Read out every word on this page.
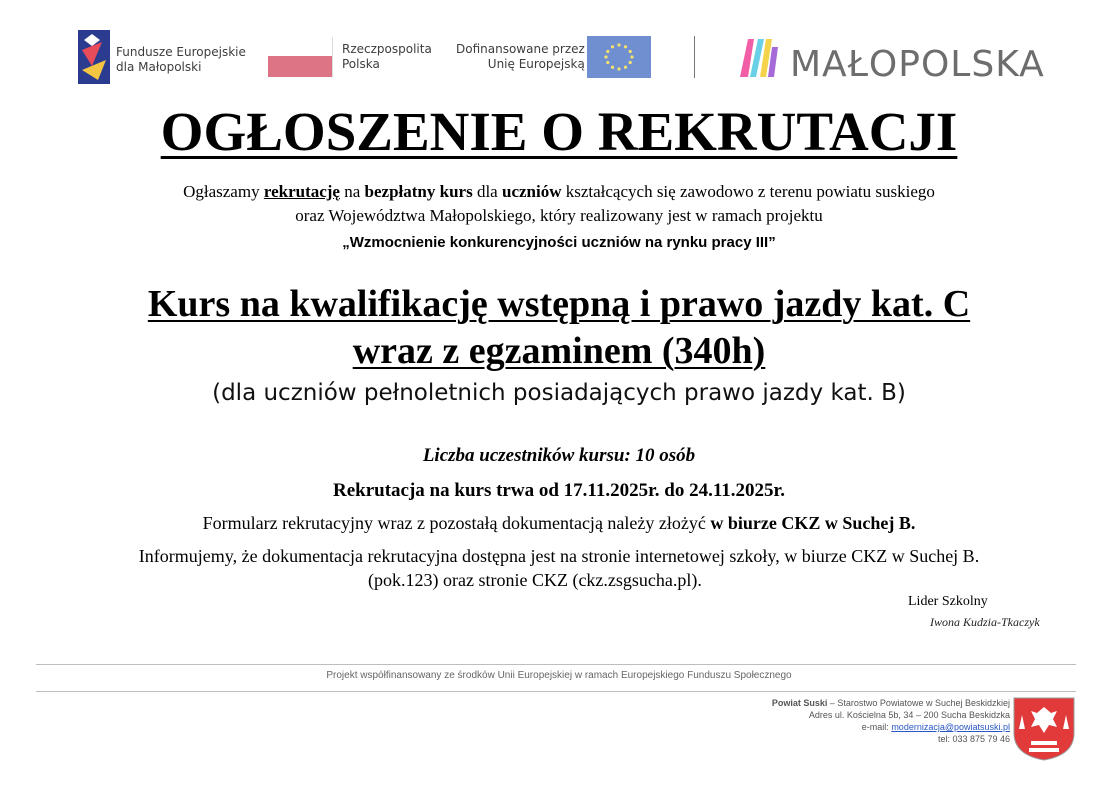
Fundusze Europejskie
dla Małopolski
Rzeczpospolita
Polska
Dofinansowane przez
Unię Europejską	MAŁOPOLSKA
OGŁOSZENIE O REKRUTACJI
Ogłaszamy rekrutację na bezpłatny kurs dla uczniów kształcących się zawodowo z terenu powiatu suskiego
oraz Województwa Małopolskiego, który realizowany jest w ramach projektu
„Wzmocnienie konkurencyjności uczniów na rynku pracy III”
Kurs na kwalifikację wstępną i prawo jazdy kat. C
wraz z egzaminem (340h)
(dla uczniów pełnoletnich posiadających prawo jazdy kat. B)
Liczba uczestników kursu: 10 osób
Rekrutacja na kurs trwa od 17.11.2025r. do 24.11.2025r.
Formularz rekrutacyjny wraz z pozostałą dokumentacją należy złożyć w biurze CKZ w Suchej B.
Informujemy, że dokumentacja rekrutacyjna dostępna jest na stronie internetowej szkoły, w biurze CKZ w Suchej B.
(pok.123) oraz stronie CKZ (ckz.zsgsucha.pl).
Lider Szkolny
Iwona Kudzia-Tkaczyk
Projekt współfinansowany ze środków Unii Europejskiej w ramach Europejskiego Funduszu Społecznego
Powiat Suski – Starostwo Powiatowe w Suchej Beskidzkiej
Adres ul. Kościelna 5b, 34 – 200 Sucha Beskidzka
e-mail: modernizacja@powiatsuski.pl
tel: 033 875 79 46
